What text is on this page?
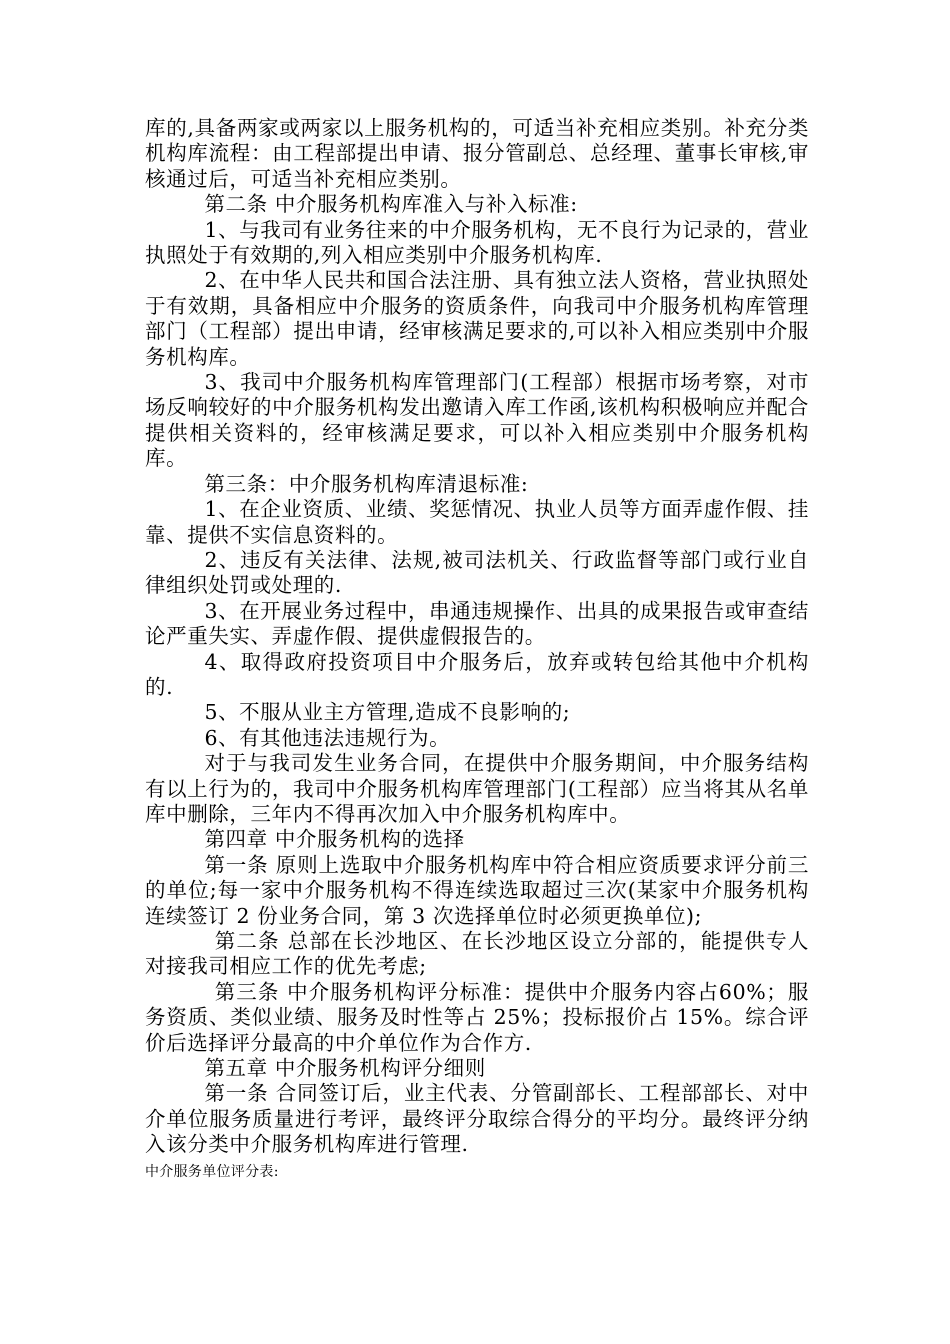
库的,具备两家或两家以上服务机构的，可适当补充相应类别。补充分类机构库流程：由工程部提出申请、报分管副总、总经理、董事长审核,审核通过后，可适当补充相应类别。

第二条 中介服务机构库准入与补入标准:

1、与我司有业务往来的中介服务机构，无不良行为记录的，营业执照处于有效期的,列入相应类别中介服务机构库.

2、在中华人民共和国合法注册、具有独立法人资格，营业执照处于有效期，具备相应中介服务的资质条件，向我司中介服务机构库管理部门（工程部）提出申请，经审核满足要求的,可以补入相应类别中介服务机构库。

3、我司中介服务机构库管理部门(工程部）根据市场考察，对市场反响较好的中介服务机构发出邀请入库工作函,该机构积极响应并配合提供相关资料的，经审核满足要求，可以补入相应类别中介服务机构库。

第三条：中介服务机构库清退标准:

1、在企业资质、业绩、奖惩情况、执业人员等方面弄虚作假、挂靠、提供不实信息资料的。

2、违反有关法律、法规,被司法机关、行政监督等部门或行业自律组织处罚或处理的.

3、在开展业务过程中，串通违规操作、出具的成果报告或审查结论严重失实、弄虚作假、提供虚假报告的。

4、取得政府投资项目中介服务后，放弃或转包给其他中介机构的.

5、不服从业主方管理,造成不良影响的;

6、有其他违法违规行为。

对于与我司发生业务合同，在提供中介服务期间，中介服务结构有以上行为的，我司中介服务机构库管理部门(工程部）应当将其从名单库中删除，三年内不得再次加入中介服务机构库中。

第四章 中介服务机构的选择

第一条 原则上选取中介服务机构库中符合相应资质要求评分前三的单位;每一家中介服务机构不得连续选取超过三次(某家中介服务机构连续签订 2 份业务合同，第 3 次选择单位时必须更换单位);

第二条 总部在长沙地区、在长沙地区设立分部的，能提供专人对接我司相应工作的优先考虑;

第三条 中介服务机构评分标准：提供中介服务内容占60%；服务资质、类似业绩、服务及时性等占 25%；投标报价占 15%。综合评价后选择评分最高的中介单位作为合作方.

第五章 中介服务机构评分细则

第一条 合同签订后，业主代表、分管副部长、工程部部长、对中介单位服务质量进行考评，最终评分取综合得分的平均分。最终评分纳入该分类中介服务机构库进行管理.

中介服务单位评分表:
